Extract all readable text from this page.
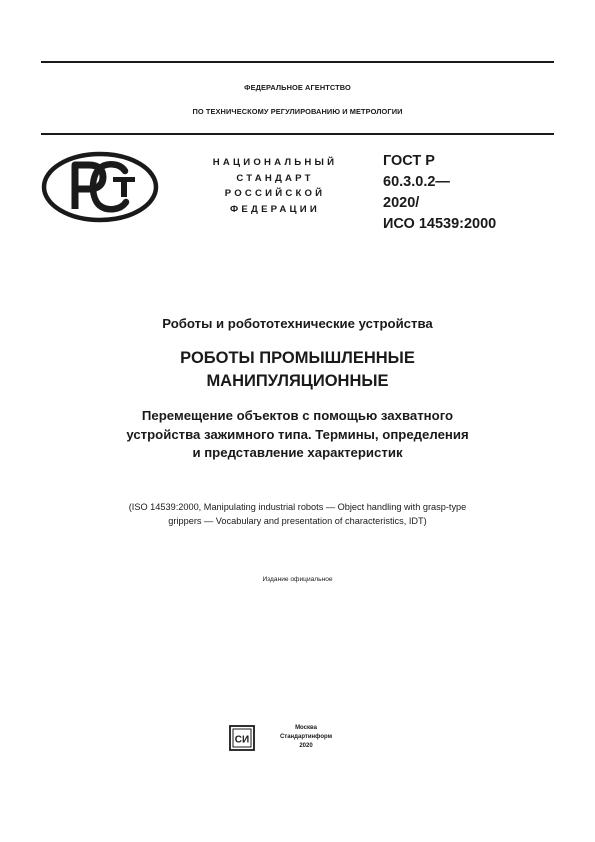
ФЕДЕРАЛЬНОЕ АГЕНТСТВО
ПО ТЕХНИЧЕСКОМУ РЕГУЛИРОВАНИЮ И МЕТРОЛОГИИ
НАЦИОНАЛЬНЫЙ
СТАНДАРТ
РОССИЙСКОЙ
ФЕДЕРАЦИИ
ГОСТ Р
60.3.0.2—
2020/
ИСО 14539:2000
Роботы и робототехнические устройства
РОБОТЫ ПРОМЫШЛЕННЫЕ
МАНИПУЛЯЦИОННЫЕ
Перемещение объектов с помощью захватного
устройства зажимного типа. Термины, определения
и представление характеристик
(ISO 14539:2000, Manipulating industrial robots — Object handling with grasp-type
grippers — Vocabulary and presentation of characteristics, IDT)
Издание официальное
СИ
Москва
Стандартинформ
2020
